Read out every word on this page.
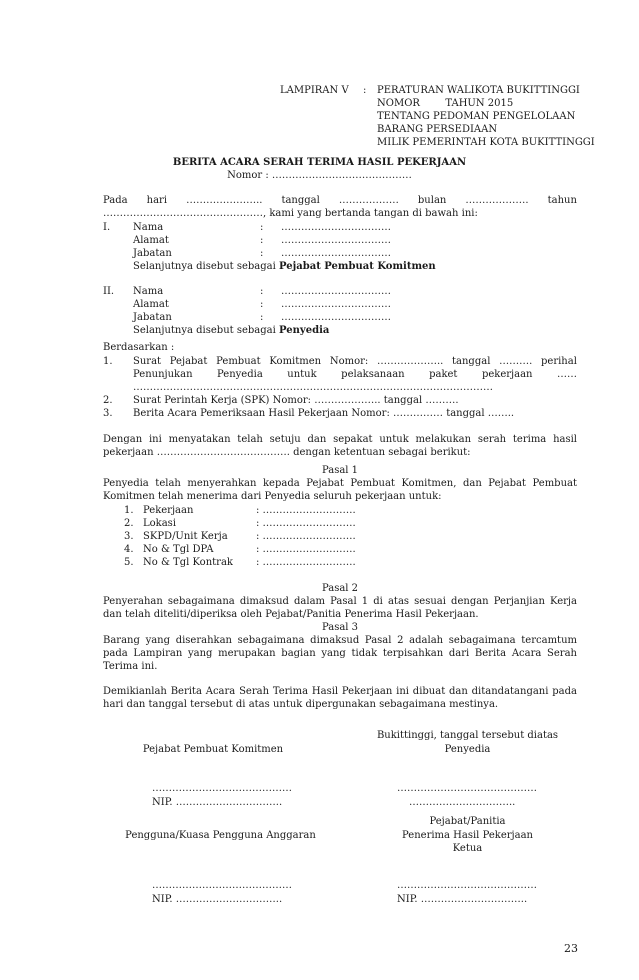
LAMPIRAN V : PERATURAN WALIKOTA BUKITTINGGI
NOMOR        TAHUN 2015
TENTANG PEDOMAN PENGELOLAAN
BARANG PERSEDIAAN
MILIK PEMERINTAH KOTA BUKITTINGGI
BERITA ACARA SERAH TERIMA HASIL PEKERJAAN
Nomor : ……………………………………
Pada hari ………………….. tanggal ……………… bulan ………………. tahun
…………………………………………, kami yang bertanda tangan di bawah ini:
I. Nama	: ……………………………
Alamat	: ……………………………
Jabatan	: ……………………………
Selanjutnya disebut sebagai Pejabat Pembuat Komitmen
II. Nama	: ……………………………
Alamat	: ……………………………
Jabatan	: ……………………………
Selanjutnya disebut sebagai Penyedia
Berdasarkan :
1. Surat Pejabat Pembuat Komitmen Nomor: ……………….. tanggal ………. perihal
Penunjukan Penyedia untuk pelaksanaan paket pekerjaan ……
………………………………………………………………………………………………
2. Surat Perintah Kerja (SPK) Nomor: ……………….. tanggal ……….
3. Berita Acara Pemeriksaan Hasil Pekerjaan Nomor: …………… tanggal ……..
Dengan ini menyatakan telah setuju dan sepakat untuk melakukan serah terima hasil
pekerjaan …………………………………. dengan ketentuan sebagai berikut:
Pasal 1
Penyedia telah menyerahkan kepada Pejabat Pembuat Komitmen, dan Pejabat Pembuat
Komitmen telah menerima dari Penyedia seluruh pekerjaan untuk:
1. Pekerjaan	: ……………………….
2. Lokasi	: ……………………….
3. SKPD/Unit Kerja	: ……………………….
4. No & Tgl DPA	: ……………………….
5. No & Tgl Kontrak : ……………………….
Pasal 2
Penyerahan sebagaimana dimaksud dalam Pasal 1 di atas sesuai dengan Perjanjian Kerja
dan telah diteliti/diperiksa oleh Pejabat/Panitia Penerima Hasil Pekerjaan.
Pasal 3
Barang yang diserahkan sebagaimana dimaksud Pasal 2 adalah sebagaimana tercamtum
pada Lampiran yang merupakan bagian yang tidak terpisahkan dari Berita Acara Serah
Terima ini.
Demikianlah Berita Acara Serah Terima Hasil Pekerjaan ini dibuat dan ditandatangani pada
hari dan tanggal tersebut di atas untuk dipergunakan sebagaimana mestinya.
Bukittinggi, tanggal tersebut diatas
Pejabat Pembuat Komitmen	Penyedia
……………………………………
NIP. …………………………..
……………………………………
…………………………..
Pejabat/Panitia
Pengguna/Kuasa Pengguna Anggaran	Penerima Hasil Pekerjaan
Ketua
……………………………………
NIP. …………………………..
……………………………………
NIP. …………………………..
23
